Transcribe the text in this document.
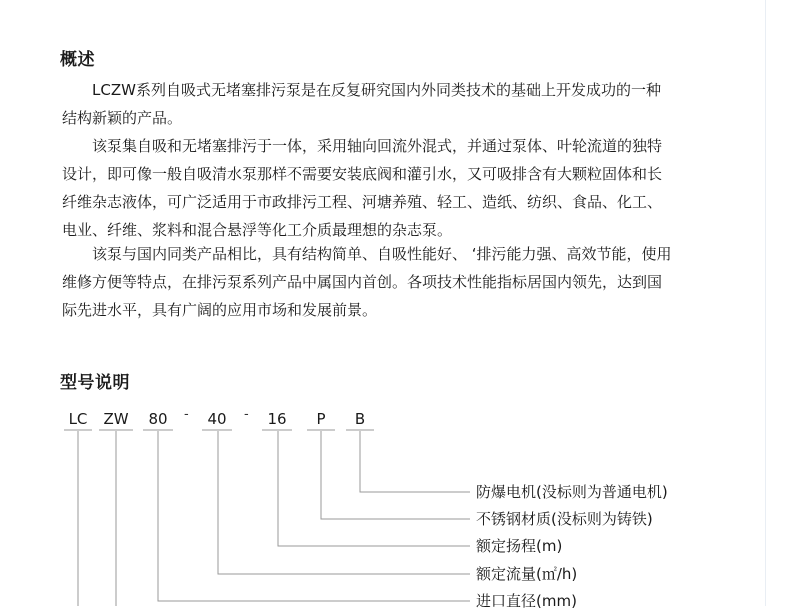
概述
LCZW系列自吸式无堵塞排污泵是在反复研究国内外同类技术的基础上开发成功的一种
结构新颖的产品。
该泵集自吸和无堵塞排污于一体，采用轴向回流外混式，并通过泵体、叶轮流道的独特
设计，即可像一般自吸清水泵那样不需要安装底阀和灌引水，又可吸排含有大颗粒固体和长
纤维杂志液体，可广泛适用于市政排污工程、河塘养殖、轻工、造纸、纺织、食品、化工、
电业、纤维、浆料和混合悬浮等化工介质最理想的杂志泵。
该泵与国内同类产品相比，具有结构简单、自吸性能好、 ‘排污能力强、高效节能，使用
维修方便等特点，在排污泵系列产品中属国内首创。各项技术性能指标居国内领先，达到国
际先进水平，具有广阔的应用市场和发展前景。
型号说明
LC ZW 80 - 40 - 16 P B
防爆电机(没标则为普通电机)
不锈钢材质(没标则为铸铁)
额定扬程(m)
额定流量(㎡/h)
进口直径(mm)
